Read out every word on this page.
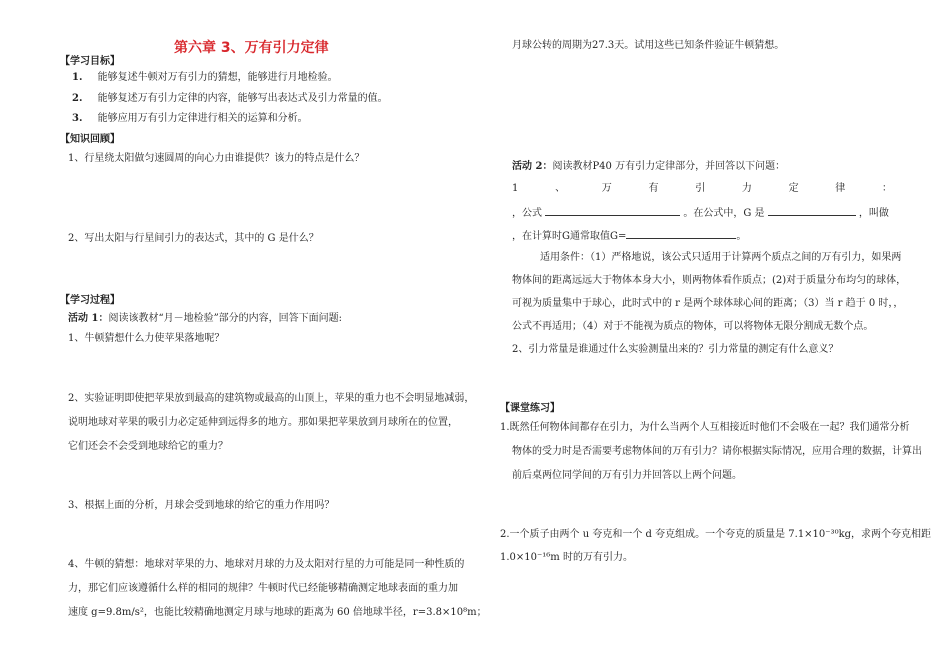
第六章 3、万有引力定律
【学习目标】
1. 能够复述牛顿对万有引力的猜想，能够进行月地检验。
2. 能够复述万有引力定律的内容，能够写出表达式及引力常量的值。
3. 能够应用万有引力定律进行相关的运算和分析。
【知识回顾】
1、行星绕太阳做匀速圆周的向心力由谁提供？该力的特点是什么？
2、写出太阳与行星间引力的表达式，其中的 G 是什么？
【学习过程】
活动 1：阅读该教材“月－地检验”部分的内容，回答下面问题:
1、牛顿猜想什么力使苹果落地呢？
2、实验证明即使把苹果放到最高的建筑物或最高的山顶上，苹果的重力也不会明显地减弱，
说明地球对苹果的吸引力必定延伸到远得多的地方。那如果把苹果放到月球所在的位置，
它们还会不会受到地球给它的重力？
3、根据上面的分析，月球会受到地球的给它的重力作用吗？
4、牛顿的猜想：地球对苹果的力、地球对月球的力及太阳对行星的力可能是同一种性质的
力，那它们应该遵循什么样的相同的规律？牛顿时代已经能够精确测定地球表面的重力加
速度 g=9.8m/s²，也能比较精确地测定月球与地球的距离为 60 倍地球半径，r=3.8×10⁸m；
月球公转的周期为27.3天。试用这些已知条件验证牛顿猜想。
活动 2：阅读教材P40 万有引力定律部分，并回答以下问题：
1	、	万	有	引	力	定	律	：
，公式	。在公式中，G 是	，叫做
，在计算时G通常取值G=	。
适用条件：（1）严格地说，该公式只适用于计算两个质点之间的万有引力，如果两
物体间的距离远远大于物体本身大小，则两物体看作质点；(2)对于质量分布均匀的球体，
可视为质量集中于球心，此时式中的 r 是两个球体球心间的距离；（3）当 r 趋于 0 时，，
公式不再适用；（4）对于不能视为质点的物体，可以将物体无限分割成无数个点。
2、引力常量是谁通过什么实验测量出来的？引力常量的测定有什么意义？
【课堂练习】
1.既然任何物体间都存在引力，为什么当两个人互相接近时他们不会吸在一起？我们通常分析
物体的受力时是否需要考虑物体间的万有引力？请你根据实际情况，应用合理的数据，计算出
前后桌两位同学间的万有引力并回答以上两个问题。
2.一个质子由两个 u 夸克和一个 d 夸克组成。一个夸克的质量是 7.1×10⁻³⁰kg，求两个夸克相距
1.0×10⁻¹⁶m 时的万有引力。
